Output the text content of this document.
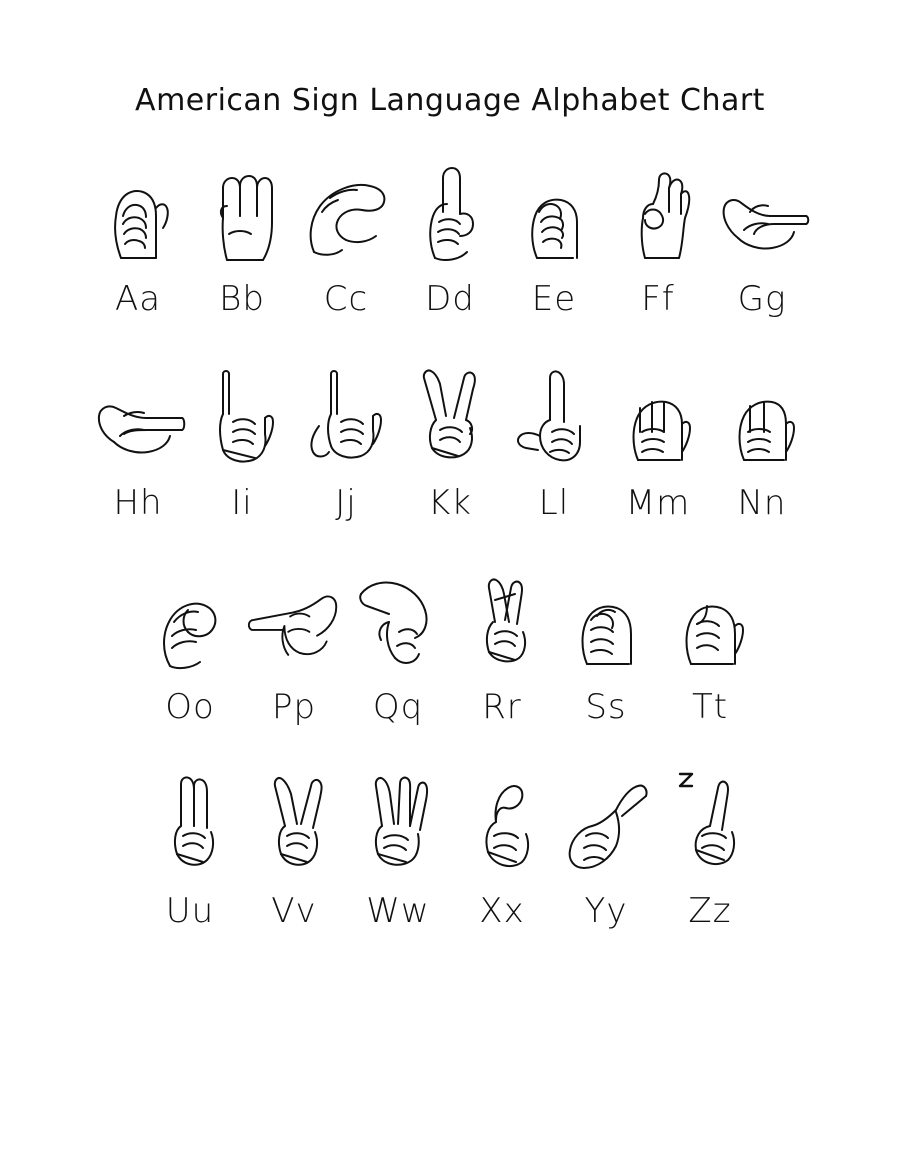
American Sign Language Alphabet Chart
Aa Bb Cc Dd Ee Ff Gg
Hh Ii Jj Kk Ll Mm Nn
Oo Pp Qq Rr Ss Tt
Uu Vv Ww Xx Yy Zz
